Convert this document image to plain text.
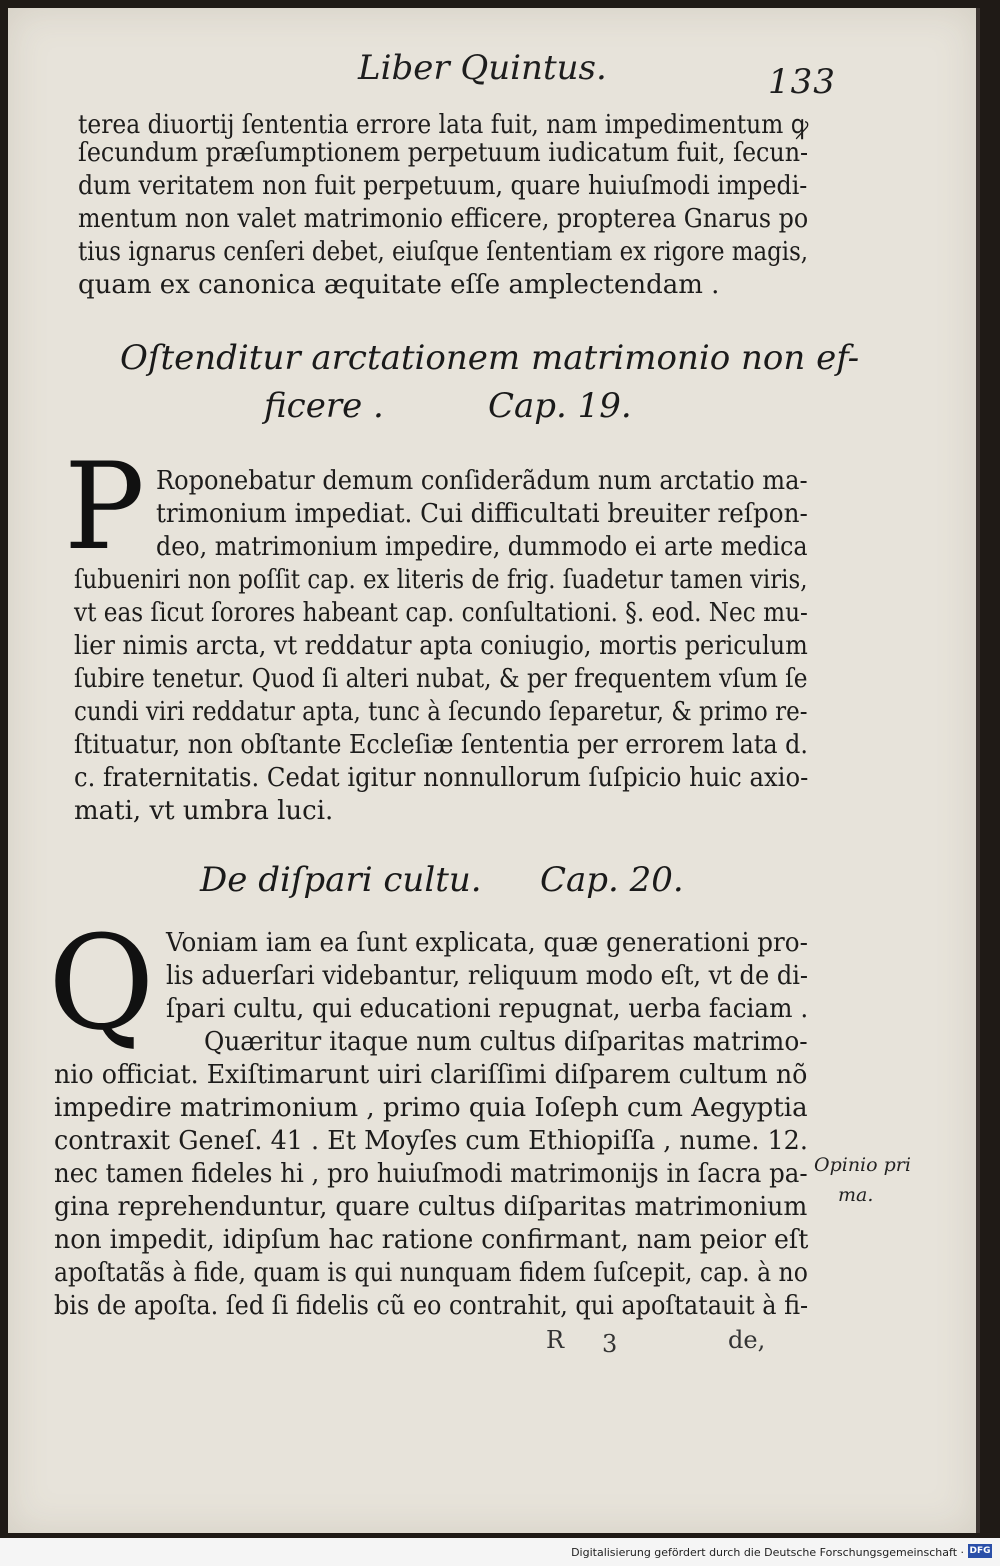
Liber Quintus.	133
terea diuortij ſententia errore lata fuit, nam impedimentum ꝙ
ſecundum præſumptionem perpetuum iudicatum fuit, ſecun-
dum veritatem non fuit perpetuum, quare huiuſmodi impedi-
mentum non valet matrimonio efficere, propterea Gnarus po
tius ignarus cenſeri debet, eiuſque ſententiam ex rigore magis,
quam ex canonica æquitate eſſe amplectendam .
Oſtenditur arctationem matrimonio non ef-
ficere .	Cap. 19.
P Roponebatur demum conſiderãdum num arctatio ma-
trimonium impediat. Cui difficultati breuiter reſpon-
deo, matrimonium impedire, dummodo ei arte medica
ſubueniri non poſſit cap. ex literis de frig. ſuadetur tamen viris,
vt eas ſicut ſorores habeant cap. conſultationi. §. eod. Nec mu-
lier nimis arcta, vt reddatur apta coniugio, mortis periculum
ſubire tenetur. Quod ſi alteri nubat, & per frequentem vſum ſe
cundi viri reddatur apta, tunc à ſecundo ſeparetur, & primo re-
ſtituatur, non obſtante Eccleſiæ ſententia per errorem lata d.
c. fraternitatis. Cedat igitur nonnullorum ſuſpicio huic axio-
mati, vt umbra luci.
De diſpari cultu. Cap. 20.
Q Voniam iam ea ſunt explicata, quæ generationi pro-
lis aduerſari videbantur, reliquum modo eſt, vt de di-
ſpari cultu, qui educationi repugnat, uerba faciam .
Quæritur itaque num cultus diſparitas matrimo-
nio officiat. Exiſtimarunt uiri clariſſimi diſparem cultum nõ
impedire matrimonium , primo quia Ioſeph cum Aegyptia
contraxit Geneſ. 41 . Et Moyſes cum Ethiopiſſa , nume. 12.
nec tamen fideles hi , pro huiuſmodi matrimonijs in ſacra pa-
gina reprehenduntur, quare cultus diſparitas matrimonium
non impedit, idipſum hac ratione confirmant, nam peior eſt
apoſtatãs à fide, quam is qui nunquam fidem ſuſcepit, cap. à no
bis de apoſta. ſed ſi fidelis cũ eo contrahit, qui apoſtatauit à fi-
Opinio pri
ma.
R 3	de,
Digitalisierung gefördert durch die Deutsche Forschungsgemeinschaft · DFG
